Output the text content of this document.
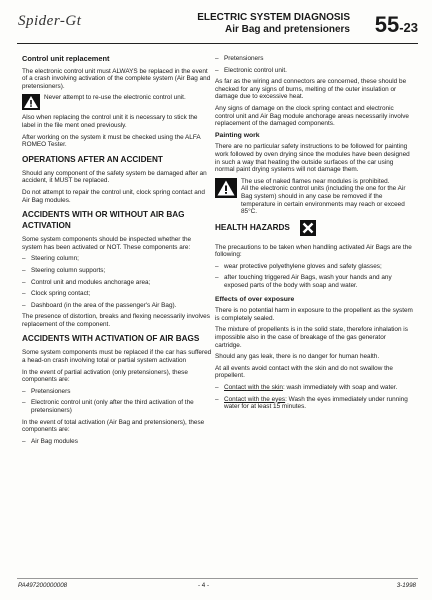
Spider-Gt	ELECTRIC SYSTEM DIAGNOSIS
Air Bag and pretensioners 55-23
Control unit replacement

The electronic control unit must ALWAYS be replaced in the event of a crash involving activation of the complete system (Air Bag and pretensioners).

Never attempt to re-use the electronic control unit.

Also when replacing the control unit it is necessary to stick the label in the file ment oned previously.

After working on the system it must be checked using the ALFA ROMEO Tester.

OPERATIONS AFTER AN ACCIDENT

Should any component of the safety system be damaged after an accident, it MUST be replaced.

Do not attempt to repair the control unit, clock spring contact and Air Bag modules.

ACCIDENTS WITH OR WITHOUT AIR BAG ACTIVATION

Some system components should be inspected whether the system has been activated or NOT. These components are:

– Steering column;
– Steering column supports;
– Control unit and modules anchorage area;
– Clock spring contact;
– Dashboard (in the area of the passenger's Air Bag).

The presence of distortion, breaks and flexing necessarily involves replacement of the component.

ACCIDENTS WITH ACTIVATION OF AIR BAGS

Some system components must be replaced if the car has suffered a head-on crash involving total or partial system activation

In the event of partial activation (only pretensioners), these components are:

– Pretensioners
– Electronic control unit (only after the third activation of the pretensioners)

In the event of total activation (Air Bag and pretensioners), these components are:

– Air Bag modules
– Pretensioners
– Electronic control unit.

As far as the wiring and connectors are concerned, these should be checked for any signs of burns, melting of the outer insulation or damage due to excessive heat.

Any signs of damage on the clock spring contact and electronic control unit and Air Bag module anchorage areas necessarily involve replacement of the damaged components.

Painting work

There are no particular safety instructions to be followed for painting work followed by oven drying since the modules have been designed in such a way that heating the outside surfaces of the car using normal paint drying systems will not damage them.

The use of naked flames near modules is prohibited.
All the electronic control units (including the one for the Air Bag system) should in any case be removed if the temperature in certain environments may reach or exceed 85°C.
HEALTH HAZARDS

The precautions to be taken when handling activated Air Bags are the following:

– wear protective polyethylene gloves and safety glasses;
– after touching triggered Air Bags, wash your hands and any exposed parts of the body with soap and water.
Effects of over exposure

There is no potential harm in exposure to the propellent as the system is completely sealed.

The mixture of propellents is in the solid state, therefore inhalation is impossible also in the case of breakage of the gas generator cartridge.

Should any gas leak, there is no danger for human health.

At all events avoid contact with the skin and do not swallow the propellent.

– Contact with the skin: wash immediately with soap and water.
– Contact with the eyes: Wash the eyes immediately under running water for at least 15 minutes.
PA497200000008	- 4 -	3-1998
